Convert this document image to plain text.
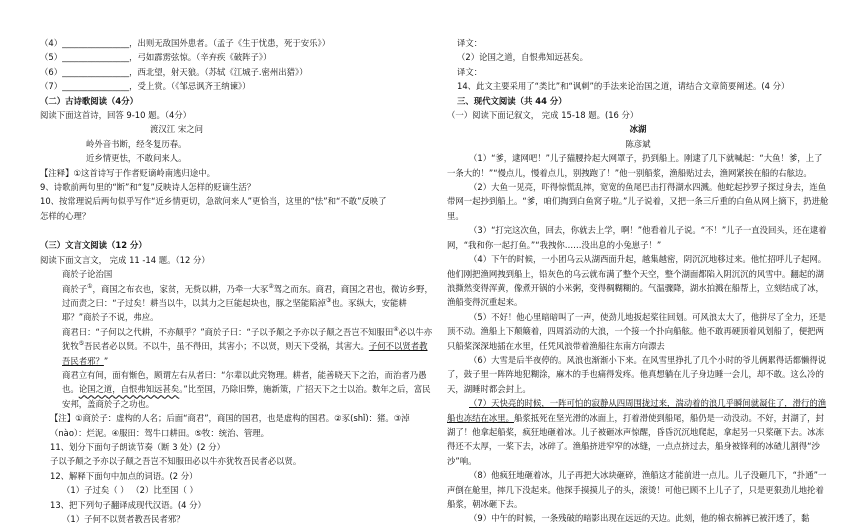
（4）________________，出则无敌国外患者。（孟子《生于忧患，死于安乐》）
（5）________________，弓如霹雳弦惊。（辛弃疾《破阵子》）
（6）________________，西北望，射天狼。（苏轼《江城子.密州出猎》）
（7）________________，受上赏。（《邹忌讽齐王纳谏》）
（二）古诗歌阅读（4分）
阅读下面这首诗，回答 9-10 题。（4分）
渡汉江 宋之问
岭外音书断，经冬复历春。
近乡情更怯，不敢问来人。
【注释】①这首诗写于作者贬谪岭南逃归途中。
9、诗歌前两句里的“断”和“复”反映诗人怎样的贬谪生活？
10、按常理说后两句似乎写作“近乡情更切，急欲问来人”更恰当，这里的“怯”和“不敢”反映了
怎样的心理？
（三）文言文阅读（12 分）
阅读下面文言文， 完成 11 -14 题。（12 分）
商於子论治国
商於子①，商国之布衣也，家贫，无赀以耕，乃牵一大豕②驾之而东。商君，商国之君也，微访乡野，过而责之曰：“子过矣！耕当以牛，以其力之巨能起块也，豚之坚能陷淖③也。豕纵大，安能耕耶？”商於子不说，弗应。
商君曰：“子何以之代耕，不亦颠乎？”商於子曰：“子以予颠之予亦以子颠之吾岂不知服田④必以牛亦犹牧⑤吾民者必以贤。不以牛，虽不得田，其害小；不以贤，则天下受祸，其害大。子何不以贤者教吾民者邪？”
商君立有间，面有惭色，顾谓左右从者曰：“尔辈以此究物理。耕者，能善晓天下之治，而治者乃愚也。论国之道，自恨弗知远甚矣。”比至国，乃除旧弊，施新策，广招天下之士以治。数年之后，富民安邦，盖商於子之功也。
【注】①商於子：虚构的人名；后面“商君”，商国的国君，也是虚构的国君。②豕(shǐ)：猪。③淖（nào）：烂泥。④服田：驾牛口耕田。⑤牧：统治、管理。
11、划分下面句子朗读节奏（断 3 处）(2 分）
子以予颠之予亦以子颠之吾岂不知服田必以牛亦犹牧吾民者必以贤。
12、解释下面句中加点的词语。(2 分）
（1）子过矣（ ） （2）比至国（ ）
13、把下列句子翻译成现代汉语。(4 分）
（1）子何不以贤者教吾民者邪？
译文：
（2）论国之道，自恨弗知远甚矣。
译文：
14、此文主要采用了“类比”和“讽刺”的手法来论治国之道，请结合文章简要阐述。(4 分）
三、现代文阅读（共 44 分）
（一）阅读下面记叙文， 完成 15-18 题。(16 分）
冰湖
陈彦斌
（1）“爹，逮网吧！”儿子猫腰拎起大网罩子，扔到船上。刚逮了几下就喊起：“大鱼！爹，上了一条大的！”“慢点儿，慢着点儿，别拽跑了！”他一别船浆，渔船贴过去，渔网紧挨在船的右舷边。
（2）大鱼一见亮，吓得惊慌乱摔，宽宽的鱼尾巴击打得湖水四溅。他蛇起抄罗子探过身去，连鱼带网一起抄到船上。“爹，咱们掏到白鱼窝子啦。”儿子说着，又把一条三斤重的白鱼从网上摘下，扔进舱里。
（3）“打完这次鱼，回去，你就去上学，啊！”他看着儿子说。“不！”儿子一直没回头，还在逮着网，“我和你一起打鱼。”“我拽你……没出息的小兔崽子！”
（4）下午的时候，一小团乌云从湖西面升起，越集越密，阴沉沉地移过来。他忙招呼儿子起网。他们刚把渔网拽到船上，铅灰色的乌云就布满了整个天空，整个湖面都陷入阴沉沉的风雪中。翻起的湖浪撕然变得浑黄，像煮开锅的小米粥，变得稠糊糊的。气温骤降，湖水拍溅在船帮上，立刻结成了冰，渔船变得沉重起来。
（5）不好！他心里暗暗叫了一声，使劲儿地扳起桨往回划。可风浪太大了，他拼尽了全力，还是顶不动。渔船上下颠簸着，四周滔动的大浪，一个接一个扑向船舷。他不敢再硬顶着风划船了，便把两只船桨深深地插在水里，任凭风浪带着渔船往东南方向漂去
（6）大雪是后半夜停的。风浪也渐渐小下来。在风雪里挣扎了几个小时的爷儿俩累得话都懒得说了，鼓子里一阵阵地犯糊涂，麻木的手也痛得发疼。他真想躺在儿子身边睡一会儿，却不敢。这么冷的天，湖睡时都会封上。
（7）天快亮的时候，一阵可怕的寂静从四周围拢过来，湍动着的浪几乎瞬间就凝住了，滑行的渔船也冻结在冰里。船浆抵死在坚光滑的冰面上，打着滑使到船尾，船仍是一动没动。不好，封湖了，封湖了！他拿起船桨，疯狂地砸着冰。儿子被砸冰声惊醒，昏昏沉沉地爬起，拿起另一只桨砸下去。冰冻得还不太厚，一桨下去，冰碎了。渔船挤进窄窄的冰缝，一点点挤过去，船身被锋利的冰碴儿割得“沙沙”响。
（8）他疯狂地砸着冰，儿子再把大冰块砸碎，渔船这才能前进一点儿。儿子没砸几下，“扑通”一声倒在舱里，摔几下没起来。他探手摸摸儿子的头，滚烫！可他已顾不上儿子了，只是更狠劲儿地抡着船浆，朝冰砸下去。
（9）中午的时候，一条残破的暗影出现在远远的天边。此刻，他的棉衣棉裤已被汗透了，黏
